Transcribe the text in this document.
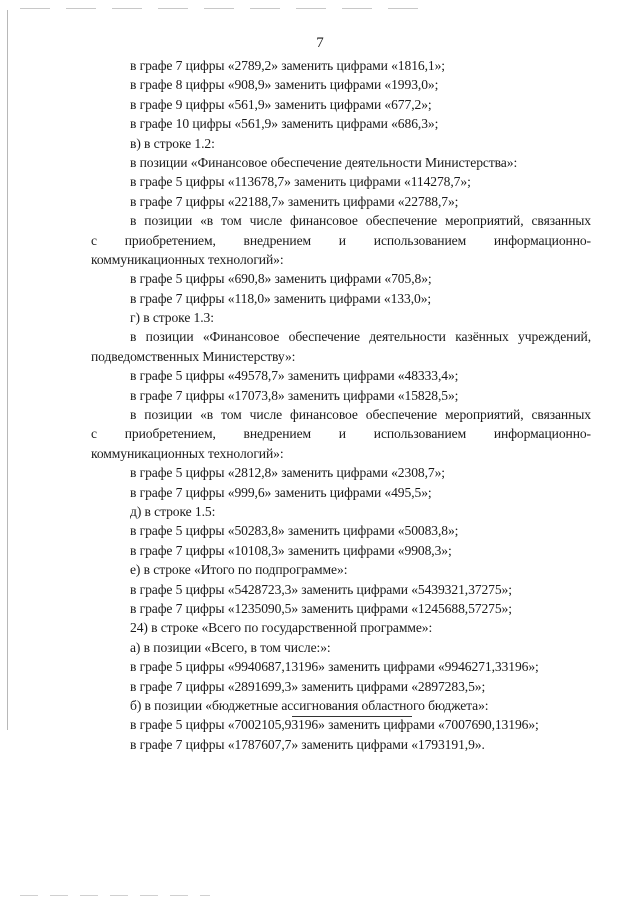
7
в графе 7 цифры «2789,2» заменить цифрами «1816,1»;
в графе 8 цифры «908,9» заменить цифрами «1993,0»;
в графе 9 цифры «561,9» заменить цифрами «677,2»;
в графе 10 цифры «561,9» заменить цифрами «686,3»;
в) в строке 1.2:
в позиции «Финансовое обеспечение деятельности Министерства»:
в графе 5 цифры «113678,7» заменить цифрами «114278,7»;
в графе 7 цифры «22188,7» заменить цифрами «22788,7»;
в позиции «в том числе финансовое обеспечение мероприятий, связанных
с приобретением, внедрением и использованием информационно-
коммуникационных технологий»:
в графе 5 цифры «690,8» заменить цифрами «705,8»;
в графе 7 цифры «118,0» заменить цифрами «133,0»;
г) в строке 1.3:
в позиции «Финансовое обеспечение деятельности казённых учреждений,
подведомственных Министерству»:
в графе 5 цифры «49578,7» заменить цифрами «48333,4»;
в графе 7 цифры «17073,8» заменить цифрами «15828,5»;
в позиции «в том числе финансовое обеспечение мероприятий, связанных
с приобретением, внедрением и использованием информационно-
коммуникационных технологий»:
в графе 5 цифры «2812,8» заменить цифрами «2308,7»;
в графе 7 цифры «999,6» заменить цифрами «495,5»;
д) в строке 1.5:
в графе 5 цифры «50283,8» заменить цифрами «50083,8»;
в графе 7 цифры «10108,3» заменить цифрами «9908,3»;
е) в строке «Итого по подпрограмме»:
в графе 5 цифры «5428723,3» заменить цифрами «5439321,37275»;
в графе 7 цифры «1235090,5» заменить цифрами «1245688,57275»;
24) в строке «Всего по государственной программе»:
а) в позиции «Всего, в том числе:»:
в графе 5 цифры «9940687,13196» заменить цифрами «9946271,33196»;
в графе 7 цифры «2891699,3» заменить цифрами «2897283,5»;
б) в позиции «бюджетные ассигнования областного бюджета»:
в графе 5 цифры «7002105,93196» заменить цифрами «7007690,13196»;
в графе 7 цифры «1787607,7» заменить цифрами «1793191,9».
